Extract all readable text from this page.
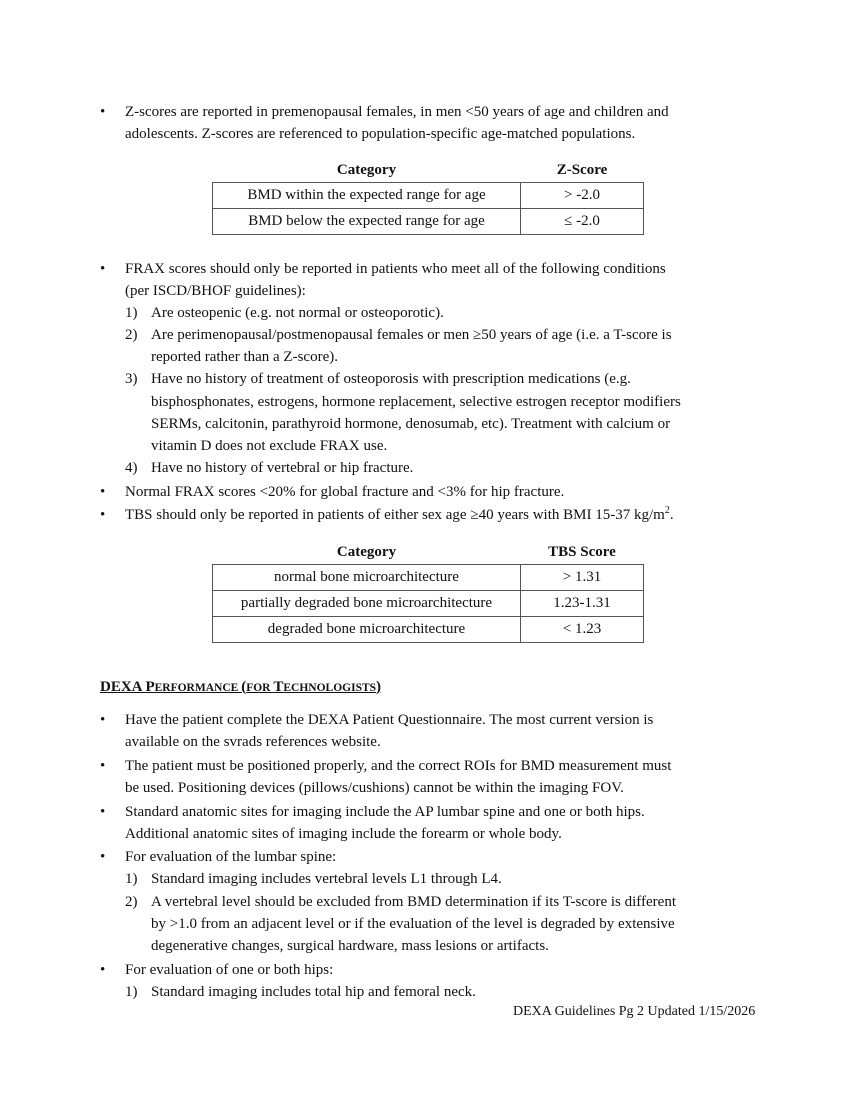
• Z-scores are reported in premenopausal females, in men <50 years of age and children and
adolescents. Z-scores are referenced to population-specific age-matched populations.
Category	Z-Score
BMD within the expected range for age	> -2.0
BMD below the expected range for age	≤ -2.0
• FRAX scores should only be reported in patients who meet all of the following conditions
(per ISCD/BHOF guidelines):
1) Are osteopenic (e.g. not normal or osteoporotic).
2) Are perimenopausal/postmenopausal females or men ≥50 years of age (i.e. a T-score is
reported rather than a Z-score).
3) Have no history of treatment of osteoporosis with prescription medications (e.g.
bisphosphonates, estrogens, hormone replacement, selective estrogen receptor modifiers
SERMs, calcitonin, parathyroid hormone, denosumab, etc). Treatment with calcium or
vitamin D does not exclude FRAX use.
4) Have no history of vertebral or hip fracture.
• Normal FRAX scores <20% for global fracture and <3% for hip fracture.
• TBS should only be reported in patients of either sex age ≥40 years with BMI 15-37 $kg/m^2$.
Category	TBS Score
normal bone microarchitecture	> 1.31
partially degraded bone microarchitecture	1.23-1.31
degraded bone microarchitecture	< 1.23
DEXA PERFORMANCE (FOR TECHNOLOGISTS)
• Have the patient complete the DEXA Patient Questionnaire. The most current version is
available on the svrads references website.
• The patient must be positioned properly, and the correct ROIs for BMD measurement must
be used. Positioning devices (pillows/cushions) cannot be within the imaging FOV.
• Standard anatomic sites for imaging include the AP lumbar spine and one or both hips.
Additional anatomic sites of imaging include the forearm or whole body.
• For evaluation of the lumbar spine:
1) Standard imaging includes vertebral levels L1 through L4.
2) A vertebral level should be excluded from BMD determination if its T-score is different
by >1.0 from an adjacent level or if the evaluation of the level is degraded by extensive
degenerative changes, surgical hardware, mass lesions or artifacts.
• For evaluation of one or both hips:
1) Standard imaging includes total hip and femoral neck.
DEXA Guidelines Pg 2 Updated 1/15/2026
